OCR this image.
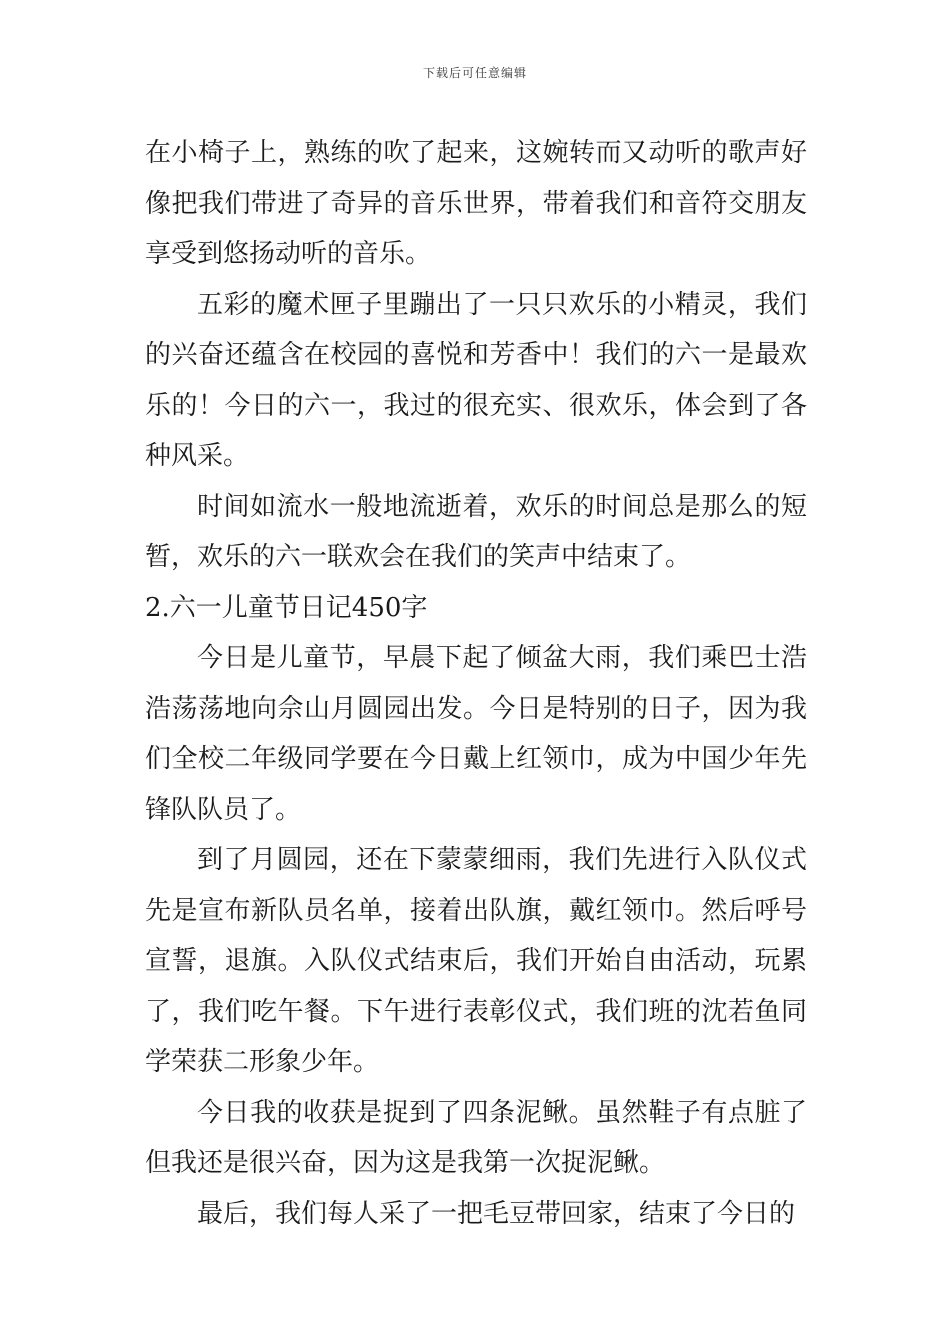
下载后可任意编辑

在小椅子上，熟练的吹了起来，这婉转而又动听的歌声好像把我们带进了奇异的音乐世界，带着我们和音符交朋友享受到悠扬动听的音乐。

五彩的魔术匣子里蹦出了一只只欢乐的小精灵，我们的兴奋还蕴含在校园的喜悦和芳香中！我们的六一是最欢乐的！今日的六一，我过的很充实、很欢乐，体会到了各种风采。

时间如流水一般地流逝着，欢乐的时间总是那么的短暂，欢乐的六一联欢会在我们的笑声中结束了。

2.六一儿童节日记450字

今日是儿童节，早晨下起了倾盆大雨，我们乘巴士浩浩荡荡地向佘山月圆园出发。今日是特别的日子，因为我们全校二年级同学要在今日戴上红领巾，成为中国少年先锋队队员了。

到了月圆园，还在下蒙蒙细雨，我们先进行入队仪式先是宣布新队员名单，接着出队旗，戴红领巾。然后呼号宣誓，退旗。入队仪式结束后，我们开始自由活动，玩累了，我们吃午餐。下午进行表彰仪式，我们班的沈若鱼同学荣获二形象少年。

今日我的收获是捉到了四条泥鳅。虽然鞋子有点脏了但我还是很兴奋，因为这是我第一次捉泥鳅。

最后，我们每人采了一把毛豆带回家，结束了今日的
